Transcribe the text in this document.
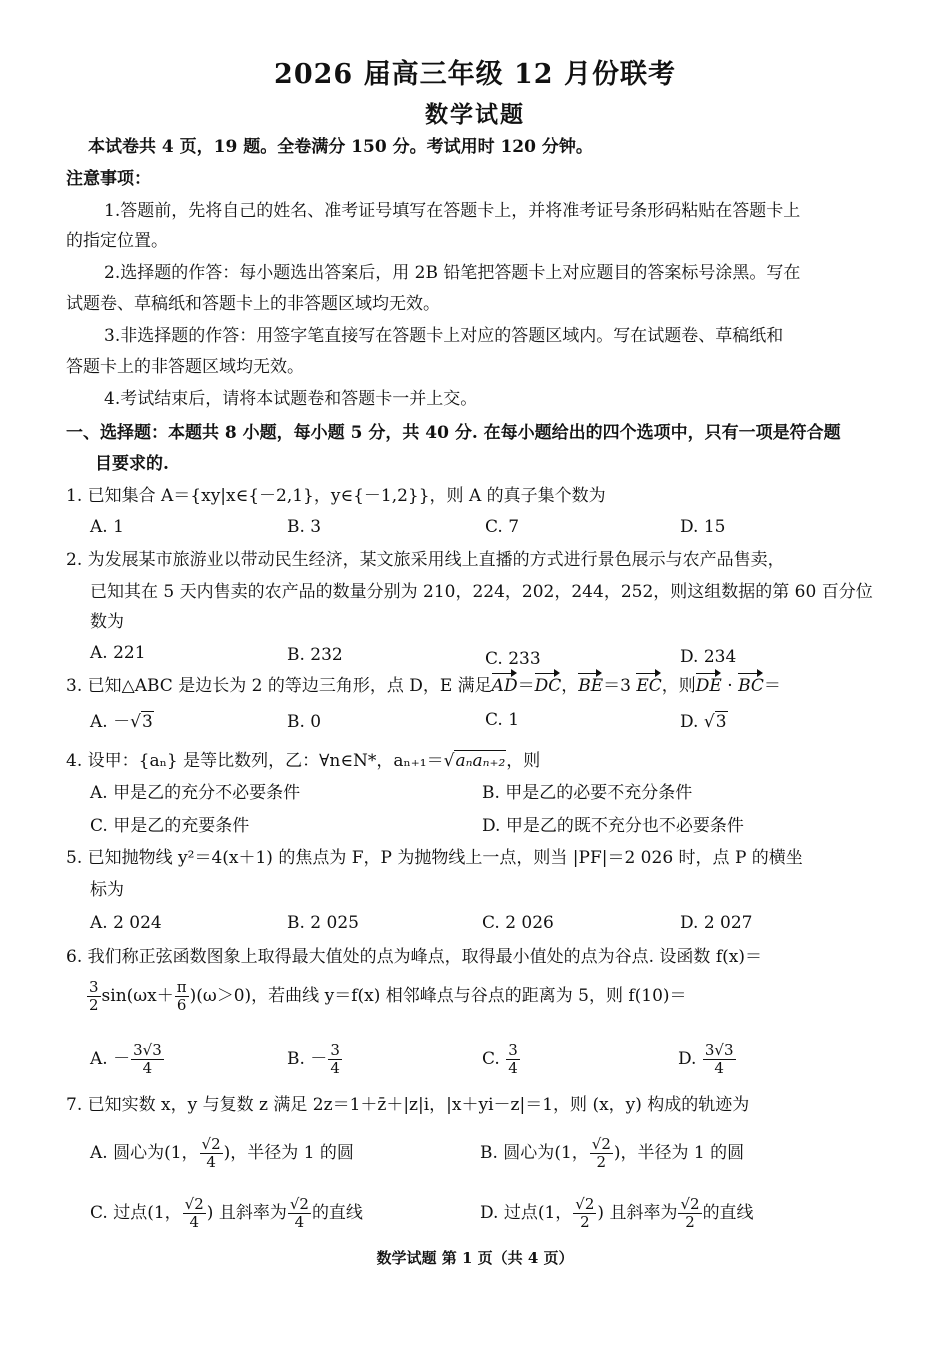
2026 届高三年级 12 月份联考
数学试题
本试卷共 4 页，19 题。全卷满分 150 分。考试用时 120 分钟。
注意事项：
1.答题前，先将自己的姓名、准考证号填写在答题卡上，并将准考证号条形码粘贴在答题卡上
的指定位置。
2.选择题的作答：每小题选出答案后，用 2B 铅笔把答题卡上对应题目的答案标号涂黑。写在
试题卷、草稿纸和答题卡上的非答题区域均无效。
3.非选择题的作答：用签字笔直接写在答题卡上对应的答题区域内。写在试题卷、草稿纸和
答题卡上的非答题区域均无效。
4.考试结束后，请将本试题卷和答题卡一并上交。
一、选择题：本题共 8 小题，每小题 5 分，共 40 分. 在每小题给出的四个选项中，只有一项是符合题
目要求的.
1. 已知集合 A＝{xy|x∈{－2,1}，y∈{－1,2}}，则 A 的真子集个数为
A. 1	B. 3	C. 7	D. 15
2. 为发展某市旅游业以带动民生经济，某文旅采用线上直播的方式进行景色展示与农产品售卖，
已知其在 5 天内售卖的农产品的数量分别为 210，224，202，244，252，则这组数据的第 60 百分位
数为
A. 221	B. 232	C. 233	D. 234
3. 已知△ABC 是边长为 2 的等边三角形，点 D，E 满足AD＝DC，BE＝3 EC，则DE · BC＝
A. －√3	B. 0	C. 1	D. √3
4. 设甲：{aₙ} 是等比数列，乙：∀n∈N*，aₙ₊₁＝√aₙaₙ₊₂，则
A. 甲是乙的充分不必要条件	B. 甲是乙的必要不充分条件
C. 甲是乙的充要条件	D. 甲是乙的既不充分也不必要条件
5. 已知抛物线 y²＝4(x＋1) 的焦点为 F，P 为抛物线上一点，则当 |PF|＝2 026 时，点 P 的横坐
标为
A. 2 024	B. 2 025	C. 2 026	D. 2 027
6. 我们称正弦函数图象上取得最大值处的点为峰点，取得最小值处的点为谷点. 设函数 f(x)＝
$\frac{3}{2} \sin(\omega x+ \frac{\pi}{6} )(\omega>0)$，若曲线 y＝f(x) 相邻峰点与谷点的距离为 5，则 f(10)＝
A. － $\frac{3√3}{4}$	B. － $\frac{3}{4}$	C. $\frac{3}{4}$	D. $\frac{3√3}{4}$
7. 已知实数 x，y 与复数 z 满足 2z＝1＋z̄＋|z|i，|x＋yi－z|＝1，则 (x，y) 构成的轨迹为
A. 圆心为(1， $\frac{√2}{4}$ )，半径为 1 的圆	B. 圆心为(1， $\frac{√2}{2}$ )，半径为 1 的圆
C. 过点(1， $\frac{√2}{4}$ ) 且斜率为 $\frac{√2}{4}$ 的直线	D. 过点(1， $\frac{√2}{2}$ ) 且斜率为 $\frac{√2}{2}$ 的直线
数学试题 第 1 页（共 4 页）
